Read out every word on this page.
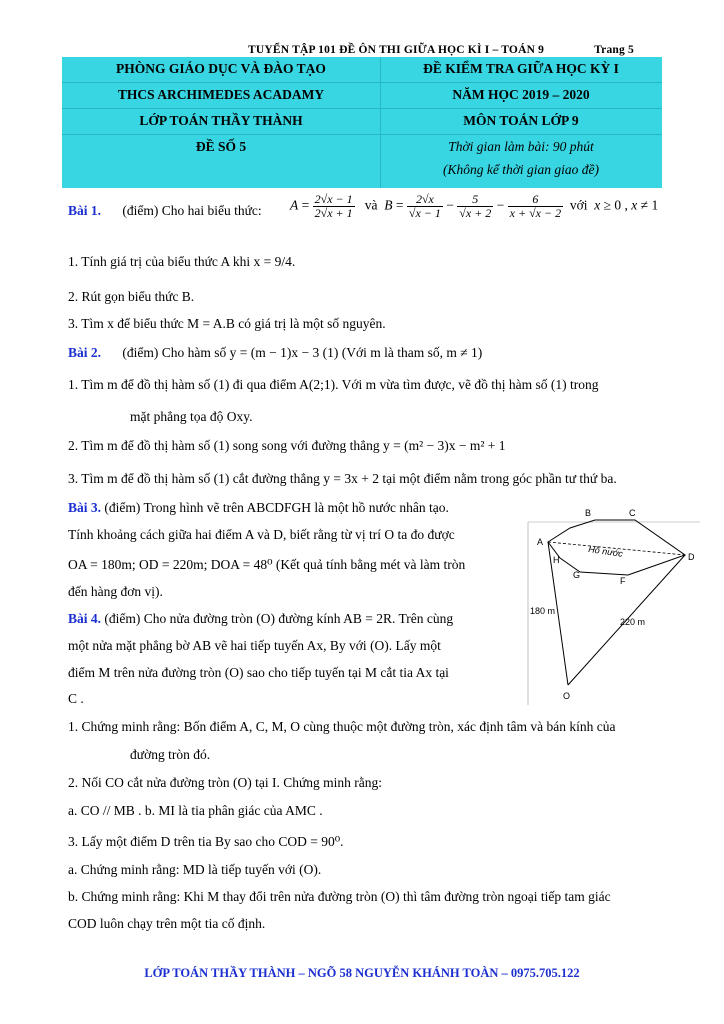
TUYỂN TẬP 101 ĐỀ ÔN THI GIỮA HỌC KÌ I – TOÁN 9	Trang 5
PHÒNG GIÁO DỤC VÀ ĐÀO TẠO
THCS ARCHIMEDES ACADAMY
LỚP TOÁN THẦY THÀNH
ĐỀ SỐ 5
ĐỀ KIỂM TRA GIỮA HỌC KỲ I
NĂM HỌC 2019 – 2020
MÔN TOÁN LỚP 9
Thời gian làm bài: 90 phút
(Không kể thời gian giao đề)
Bài 1. (điểm) Cho hai biểu thức: $A = \frac{2√x - 1}{2√x + 1}$ và  $B = \frac{2√x}{√x - 1} - \frac{5}{√x + 2} - \frac{6}{x + √x - 2}$ với  x ≥ 0 , x ≠ 1
1. Tính giá trị của biểu thức A khi x = 9/4.
2. Rút gọn biểu thức B.
3. Tìm x để biểu thức M = A.B có giá trị là một số nguyên.
Bài 2. (điểm) Cho hàm số y = (m − 1)x − 3 (1) (Với m là tham số, m ≠ 1)
1. Tìm m để đồ thị hàm số (1) đi qua điểm A(2;1). Với m vừa tìm được, vẽ đồ thị hàm số (1) trong
mặt phẳng tọa độ Oxy.
2. Tìm m để đồ thị hàm số (1) song song với đường thẳng y = (m² − 3)x − m² + 1
3. Tìm m để đồ thị hàm số (1) cắt đường thẳng y = 3x + 2 tại một điểm nằm trong góc phần tư thứ ba.
Bài 3. (điểm) Trong hình vẽ trên ABCDFGH là một hồ nước nhân tạo.
Tính khoảng cách giữa hai điểm A và D, biết rằng từ vị trí O ta đo được
OA = 180m; OD = 220m; DOA = 48⁰ (Kết quả tính bằng mét và làm tròn
đến hàng đơn vị).
Bài 4. (điểm) Cho nửa đường tròn (O) đường kính AB = 2R. Trên cùng
một nửa mặt phẳng bờ AB vẽ hai tiếp tuyến Ax, By với (O). Lấy một
điểm M trên nửa đường tròn (O) sao cho tiếp tuyến tại M cắt tia Ax tại
C .
1. Chứng minh rằng: Bốn điểm A, C, M, O cùng thuộc một đường tròn, xác định tâm và bán kính của
đường tròn đó.
2. Nối CO cắt nửa đường tròn (O) tại I. Chứng minh rằng:
a. CO // MB . b. MI là tia phân giác của AMC .
3. Lấy một điểm D trên tia By sao cho COD = 90⁰.
a. Chứng minh rằng: MD là tiếp tuyến với (O).
b. Chứng minh rằng: Khi M thay đổi trên nửa đường tròn (O) thì tâm đường tròn ngoại tiếp tam giác
COD luôn chạy trên một tia cố định.
A
B	C
D
F
G
H
O
Hồ nước
180 m
220 m
LỚP TOÁN THẦY THÀNH – NGÕ 58 NGUYỄN KHÁNH TOÀN – 0975.705.122
